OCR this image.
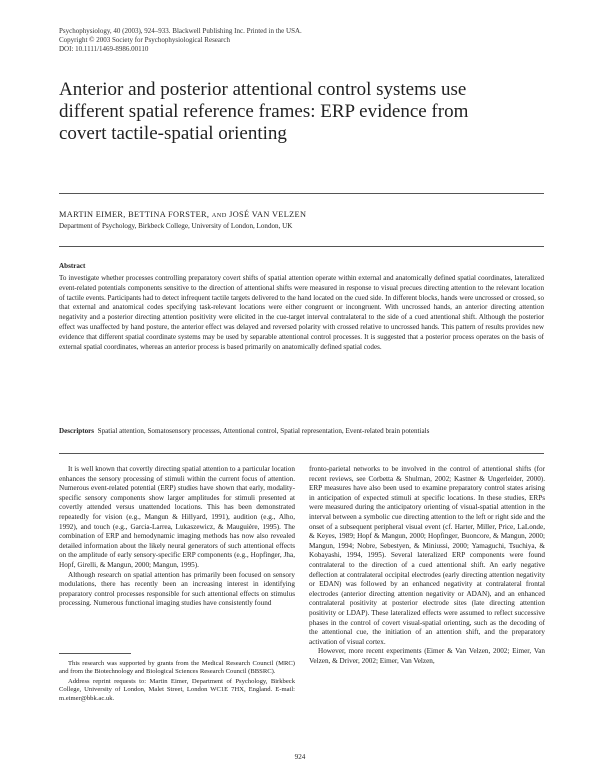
Psychophysiology, 40 (2003), 924–933. Blackwell Publishing Inc. Printed in the USA.
Copyright © 2003 Society for Psychophysiological Research
DOI: 10.1111/1469-8986.00110
Anterior and posterior attentional control systems use
different spatial reference frames: ERP evidence from
covert tactile-spatial orienting
MARTIN EIMER, BETTINA FORSTER, AND JOSÉ VAN VELZEN
Department of Psychology, Birkbeck College, University of London, London, UK
Abstract
To investigate whether processes controlling preparatory covert shifts of spatial attention operate within external and anatomically defined spatial coordinates, lateralized event-related potentials components sensitive to the direction of attentional shifts were measured in response to visual precues directing attention to the relevant location of tactile events. Participants had to detect infrequent tactile targets delivered to the hand located on the cued side. In different blocks, hands were uncrossed or crossed, so that external and anatomical codes specifying task-relevant locations were either congruent or incongruent. With uncrossed hands, an anterior directing attention negativity and a posterior directing attention positivity were elicited in the cue-target interval contralateral to the side of a cued attentional shift. Although the posterior effect was unaffected by hand posture, the anterior effect was delayed and reversed polarity with crossed relative to uncrossed hands. This pattern of results provides new evidence that different spatial coordinate systems may be used by separable attentional control processes. It is suggested that a posterior process operates on the basis of external spatial coordinates, whereas an anterior process is based primarily on anatomically defined spatial codes.
Descriptors Spatial attention, Somatosensory processes, Attentional control, Spatial representation, Event-related brain potentials

It is well known that covertly directing spatial attention to a particular location enhances the sensory processing of stimuli within the current focus of attention. Numerous event-related potential (ERP) studies have shown that early, modality-specific sensory components show larger amplitudes for stimuli presented at covertly attended versus unattended locations. This has been demonstrated repeatedly for vision (e.g., Mangun & Hillyard, 1991), audition (e.g., Alho, 1992), and touch (e.g., Garcia-Larrea, Lukaszewicz, & Mauguière, 1995). The combination of ERP and hemodynamic imaging methods has now also revealed detailed information about the likely neural generators of such attentional effects on the amplitude of early sensory-specific ERP components (e.g., Hopfinger, Jha, Hopf, Girelli, & Mangun, 2000; Mangun, 1995).

Although research on spatial attention has primarily been focused on sensory modulations, there has recently been an increasing interest in identifying preparatory control processes responsible for such attentional effects on stimulus processing. Numerous functional imaging studies have consistently found

fronto-parietal networks to be involved in the control of attentional shifts (for recent reviews, see Corbetta & Shulman, 2002; Kastner & Ungerleider, 2000). ERP measures have also been used to examine preparatory control states arising in anticipation of expected stimuli at specific locations. In these studies, ERPs were measured during the anticipatory orienting of visual-spatial attention in the interval between a symbolic cue directing attention to the left or right side and the onset of a subsequent peripheral visual event (cf. Harter, Miller, Price, LaLonde, & Keyes, 1989; Hopf & Mangun, 2000; Hopfinger, Buoncore, & Mangun, 2000; Mangun, 1994; Nobre, Sebestyen, & Miniussi, 2000; Yamaguchi, Tsuchiya, & Kobayashi, 1994, 1995). Several lateralized ERP components were found contralateral to the direction of a cued attentional shift. An early negative deflection at contralateral occipital electrodes (early directing attention negativity or EDAN) was followed by an enhanced negativity at contralateral frontal electrodes (anterior directing attention negativity or ADAN), and an enhanced contralateral positivity at posterior electrode sites (late directing attention positivity or LDAP). These lateralized effects were assumed to reflect successive phases in the control of covert visual-spatial orienting, such as the decoding of the attentional cue, the initiation of an attention shift, and the preparatory activation of visual cortex.

However, more recent experiments (Eimer & Van Velzen, 2002; Eimer, Van Velzen, & Driver, 2002; Eimer, Van Velzen,

This research was supported by grants from the Medical Research Council (MRC) and from the Biotechnology and Biological Sciences Research Council (BBSRC).

Address reprint requests to: Martin Eimer, Department of Psychology, Birkbeck College, University of London, Malet Street, London WC1E 7HX, England. E-mail: m.eimer@bbk.ac.uk.

924
